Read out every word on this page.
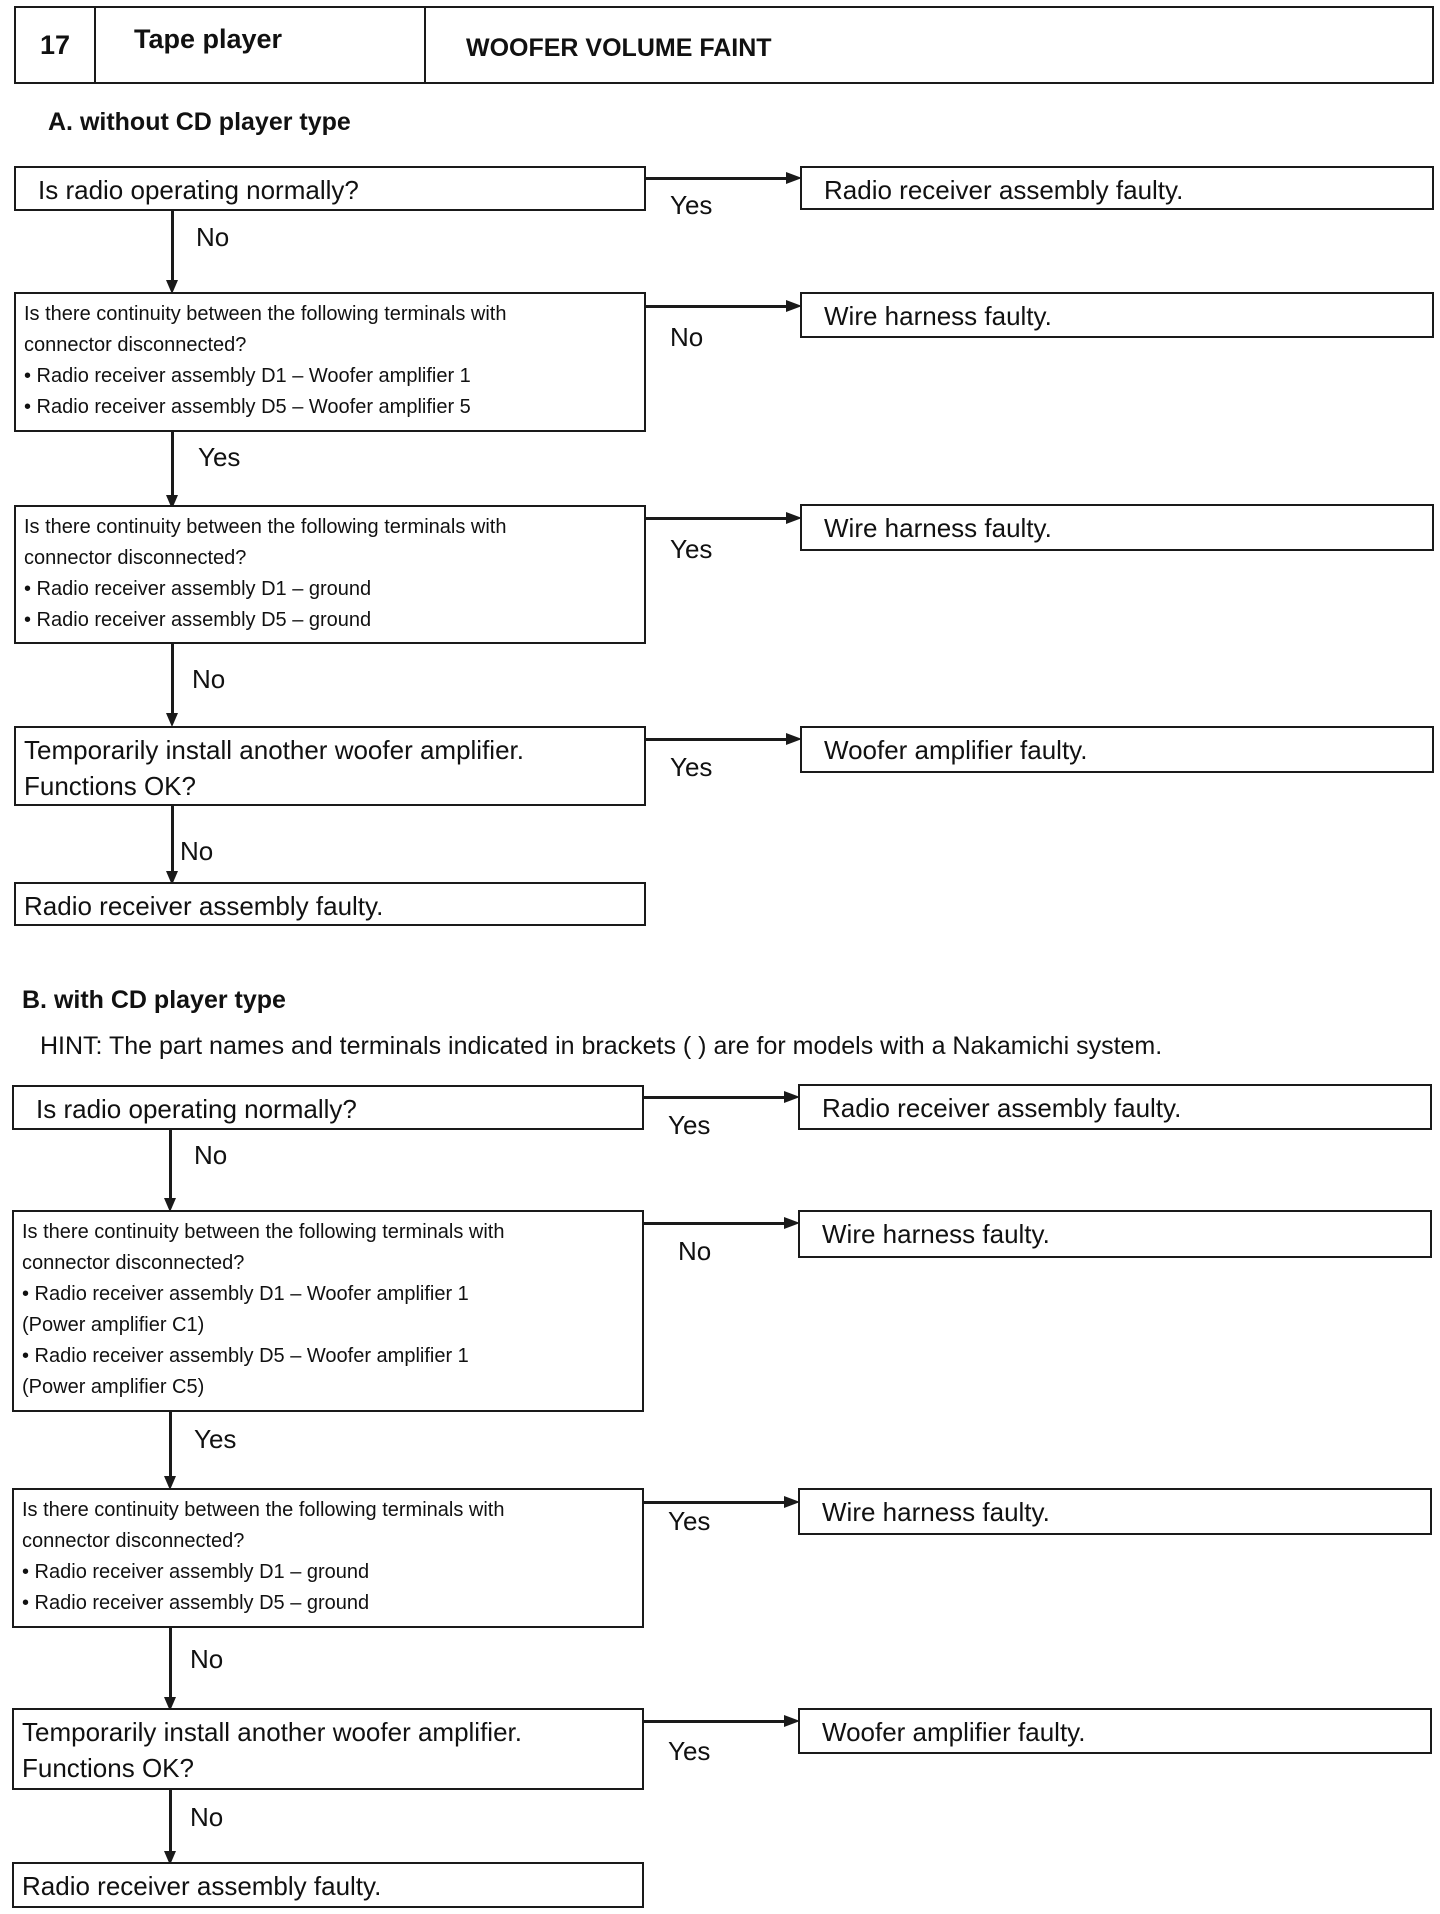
17 Tape player	WOOFER VOLUME FAINT
A. without CD player type
Is radio operating normally?	Yes	Radio receiver assembly faulty.
No
Is there continuity between the following terminals with
connector disconnected?
• Radio receiver assembly D1 – Woofer amplifier 1
• Radio receiver assembly D5 – Woofer amplifier 5
No
Wire harness faulty.
Yes
Is there continuity between the following terminals with
connector disconnected?
• Radio receiver assembly D1 – ground
• Radio receiver assembly D5 – ground
Yes
Wire harness faulty.
No
Temporarily install another woofer amplifier.
Functions OK?
Yes
Woofer amplifier faulty.
No
Radio receiver assembly faulty.
B. with CD player type
HINT: The part names and terminals indicated in brackets ( ) are for models with a Nakamichi system.
Is radio operating normally?
Yes
Radio receiver assembly faulty.
No
Is there continuity between the following terminals with
connector disconnected?
• Radio receiver assembly D1 – Woofer amplifier 1
(Power amplifier C1)
• Radio receiver assembly D5 – Woofer amplifier 1
(Power amplifier C5)
No
Wire harness faulty.
Yes
Is there continuity between the following terminals with
connector disconnected?
• Radio receiver assembly D1 – ground
• Radio receiver assembly D5 – ground
Yes	Wire harness faulty.
No
Temporarily install another woofer amplifier.
Functions OK?
Yes
Woofer amplifier faulty.
No
Radio receiver assembly faulty.
